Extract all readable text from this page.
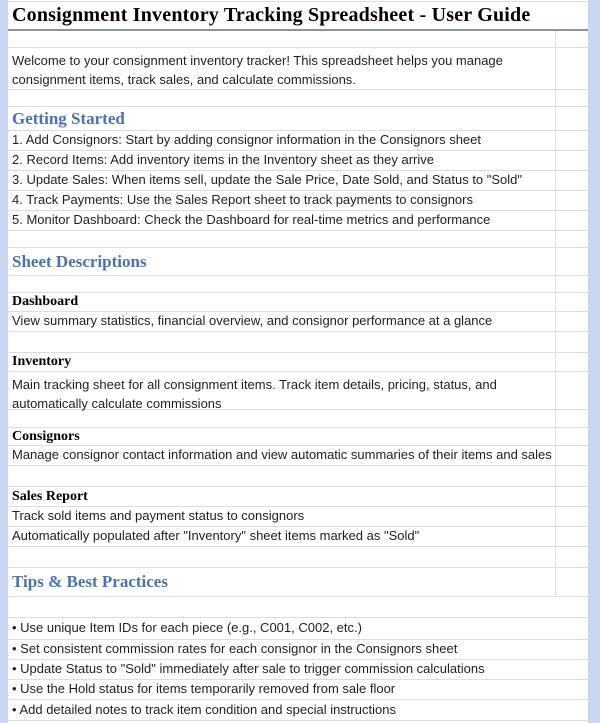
Consignment Inventory Tracking Spreadsheet - User Guide
Welcome to your consignment inventory tracker! This spreadsheet helps you manage consignment items, track sales, and calculate commissions.
Getting Started
1. Add Consignors: Start by adding consignor information in the Consignors sheet
2. Record Items: Add inventory items in the Inventory sheet as they arrive
3. Update Sales: When items sell, update the Sale Price, Date Sold, and Status to "Sold"
4. Track Payments: Use the Sales Report sheet to track payments to consignors
5. Monitor Dashboard: Check the Dashboard for real-time metrics and performance
Sheet Descriptions
Dashboard
View summary statistics, financial overview, and consignor performance at a glance
Inventory
Main tracking sheet for all consignment items. Track item details, pricing, status, and automatically calculate commissions
Consignors
Manage consignor contact information and view automatic summaries of their items and sales
Sales Report
Track sold items and payment status to consignors
Automatically populated after "Inventory" sheet items marked as "Sold"
Tips & Best Practices
• Use unique Item IDs for each piece (e.g., C001, C002, etc.)
• Set consistent commission rates for each consignor in the Consignors sheet
• Update Status to "Sold" immediately after sale to trigger commission calculations
• Use the Hold status for items temporarily removed from sale floor
• Add detailed notes to track item condition and special instructions
